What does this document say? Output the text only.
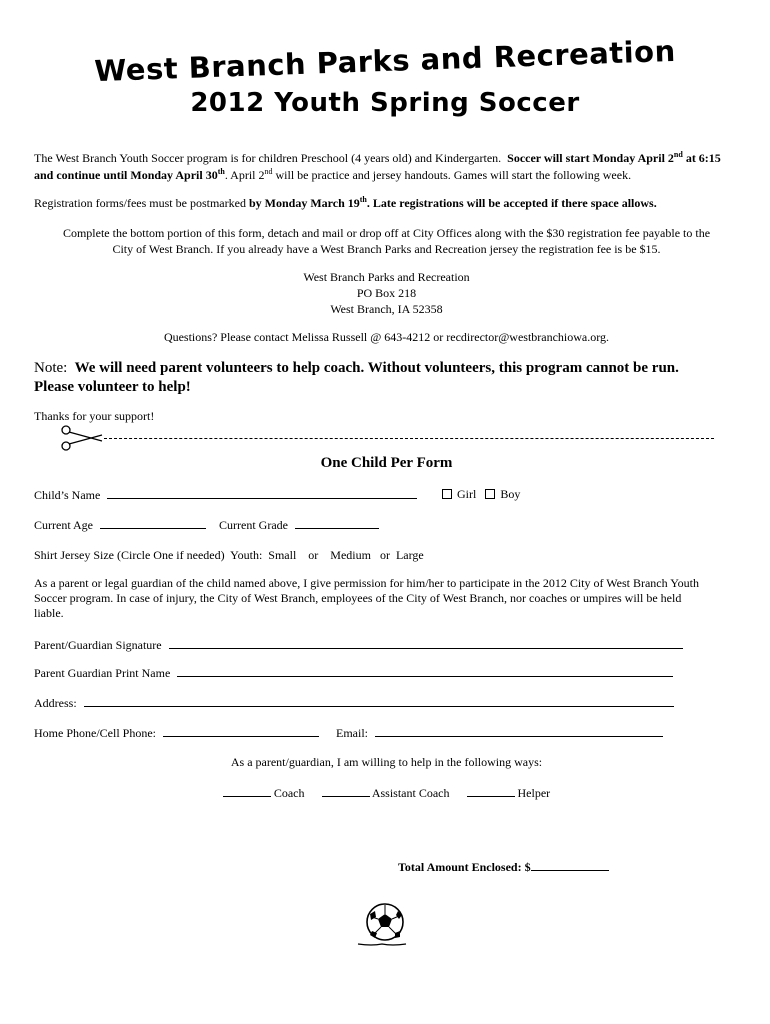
West Branch Parks and Recreation
2012 Youth Spring Soccer
The West Branch Youth Soccer program is for children Preschool (4 years old) and Kindergarten. Soccer will start Monday April 2nd at 6:15 and continue until Monday April 30th. April 2nd will be practice and jersey handouts. Games will start the following week.
Registration forms/fees must be postmarked by Monday March 19th. Late registrations will be accepted if there space allows.
Complete the bottom portion of this form, detach and mail or drop off at City Offices along with the $30 registration fee payable to the
City of West Branch. If you already have a West Branch Parks and Recreation jersey the registration fee is be $15.
West Branch Parks and Recreation
PO Box 218
West Branch, IA 52358
Questions? Please contact Melissa Russell @ 643-4212 or recdirector@westbranchiowa.org.
Note: We will need parent volunteers to help coach. Without volunteers, this program cannot be run.
Please volunteer to help!
Thanks for your support!
One Child Per Form
Child’s Name	Girl Boy
Current Age	Current Grade
Shirt Jersey Size (Circle One if needed)  Youth:  Small    or    Medium   or  Large
As a parent or legal guardian of the child named above, I give permission for him/her to participate in the 2012 City of West Branch Youth
Soccer program. In case of injury, the City of West Branch, employees of the City of West Branch, nor coaches or umpires will be held
liable.
Parent/Guardian Signature
Parent Guardian Print Name
Address:
Home Phone/Cell Phone:	Email:
As a parent/guardian, I am willing to help in the following ways:
Coach	Assistant Coach	Helper
Total Amount Enclosed: $
